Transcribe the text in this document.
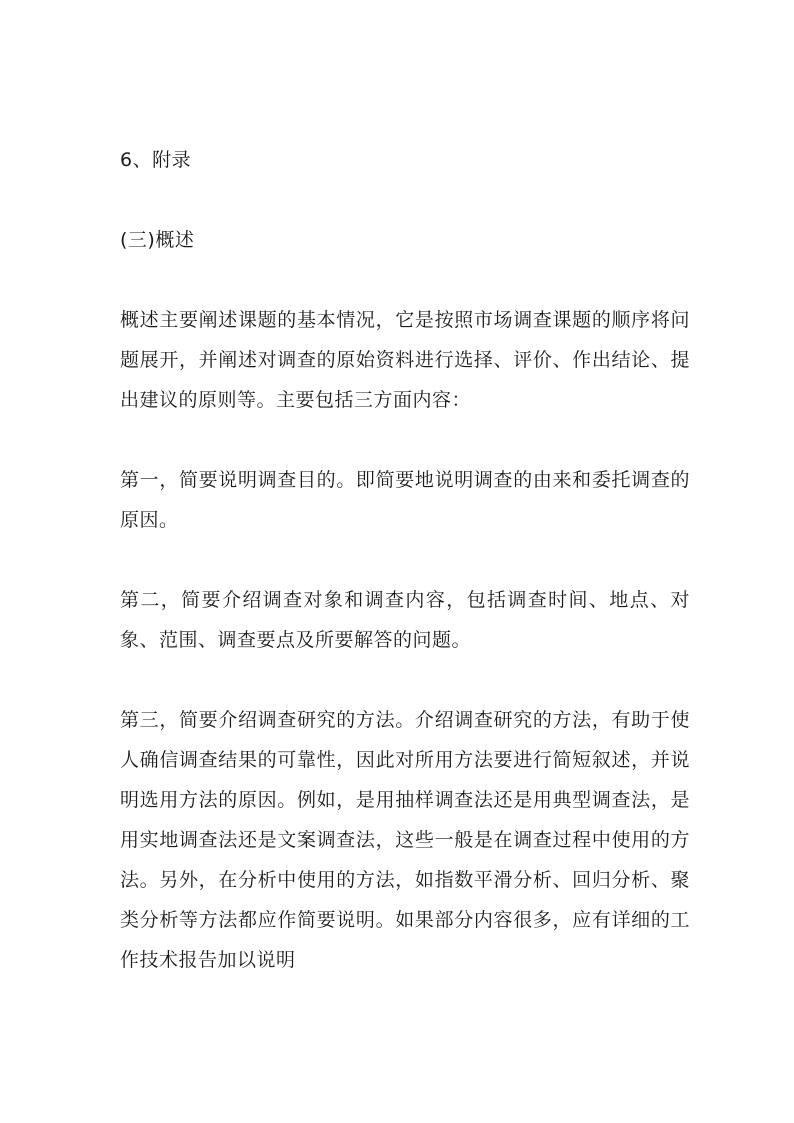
6、附录

(三)概述

概述主要阐述课题的基本情况，它是按照市场调查课题的顺序将问题展开，并阐述对调查的原始资料进行选择、评价、作出结论、提出建议的原则等。主要包括三方面内容：

第一，简要说明调查目的。即简要地说明调查的由来和委托调查的原因。

第二，简要介绍调查对象和调查内容，包括调查时间、地点、对象、范围、调查要点及所要解答的问题。

第三，简要介绍调查研究的方法。介绍调查研究的方法，有助于使人确信调查结果的可靠性，因此对所用方法要进行简短叙述，并说明选用方法的原因。例如，是用抽样调查法还是用典型调查法，是用实地调查法还是文案调查法，这些一般是在调查过程中使用的方法。另外，在分析中使用的方法，如指数平滑分析、回归分析、聚类分析等方法都应作简要说明。如果部分内容很多，应有详细的工作技术报告加以说明
